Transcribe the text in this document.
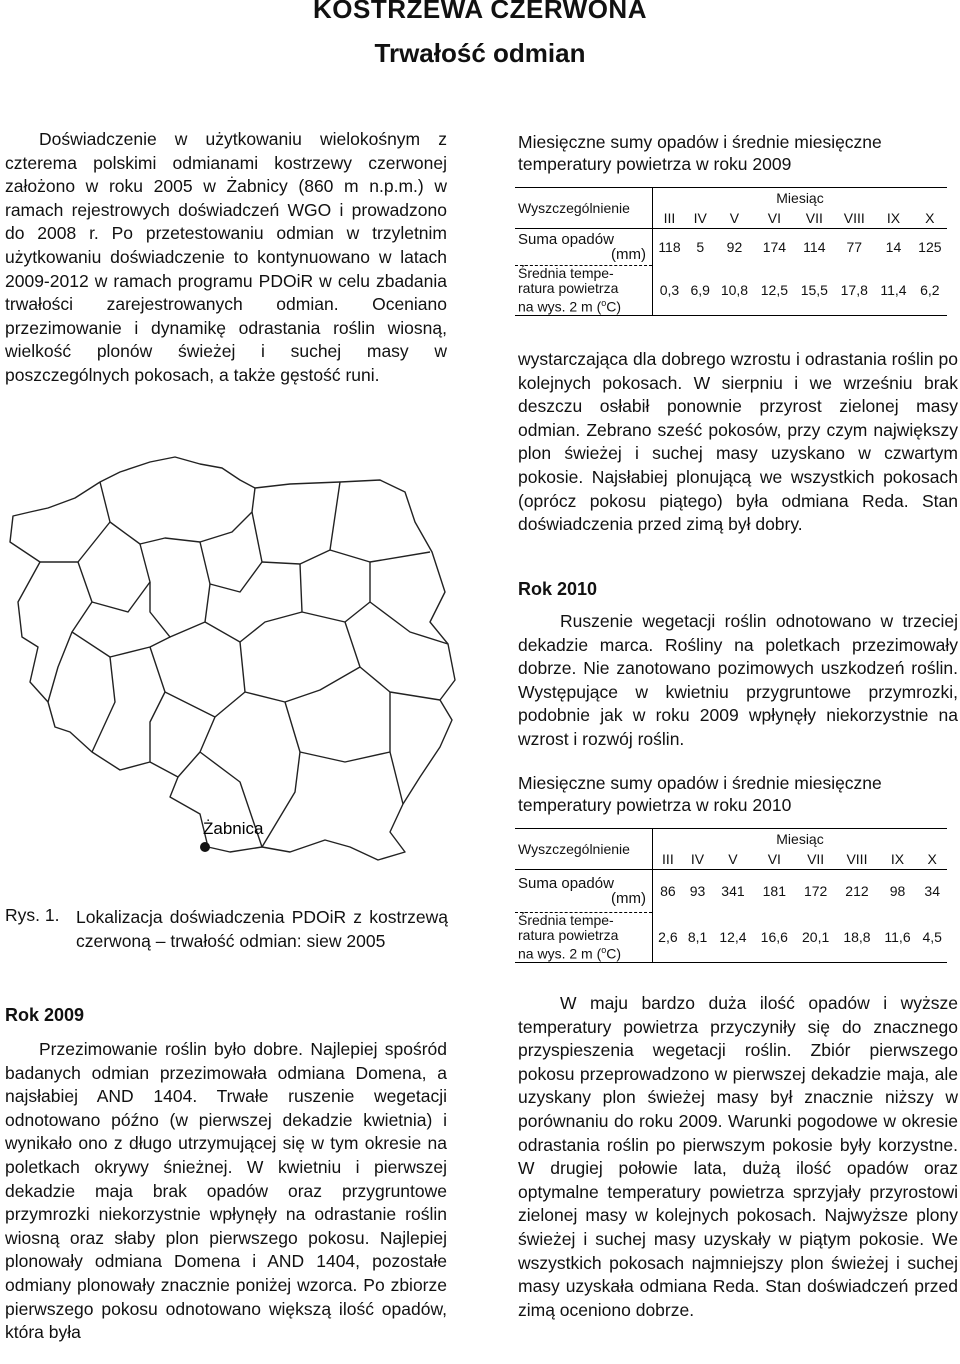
KOSTRZEWA CZERWONA
Trwałość odmian

Doświadczenie w użytkowaniu wielokośnym z czterema polskimi odmianami kostrzewy czerwonej założono w roku 2005 w Żabnicy (860 m n.p.m.) w ramach rejestrowych doświadczeń WGO i prowadzono do 2008 r. Po przetestowaniu odmian w trzyletnim użytkowaniu doświadczenie to kontynuowano w latach 2009-2012 w ramach programu PDOiR w celu zbadania trwałości zarejestrowanych odmian. Oceniano przezimowanie i dynamikę odrastania roślin wiosną, wielkość plonów świeżej i suchej masy w poszczególnych pokosach, a także gęstość runi.

Żabnica
Rys. 1. Lokalizacja doświadczenia PDOiR z kostrzewą czerwoną – trwałość odmian: siew 2005

Rok 2009

Przezimowanie roślin było dobre. Najlepiej spośród badanych odmian przezimowała odmiana Domena, a najsłabiej AND 1404. Trwałe ruszenie wegetacji odnotowano późno (w pierwszej dekadzie kwietnia) i wynikało ono z długo utrzymującej się w tym okresie na poletkach okrywy śnieżnej. W kwietniu i pierwszej dekadzie maja brak opadów oraz przygruntowe przymrozki niekorzystnie wpłynęły na odrastanie roślin wiosną oraz słaby plon pierwszego pokosu. Najlepiej plonowały odmiana Domena i AND 1404, pozostałe odmiany plonowały znacznie poniżej wzorca. Po zbiorze pierwszego pokosu odnotowano większą ilość opadów, która była

Miesięczne sumy opadów i średnie miesięczne temperatury powietrza w roku 2009

Wyszczególnienie	Miesiąc							
	III	IV	V	VI	VII	VIII	IX	X

Suma opadów
(mm)	118	5	92	174	114	77	14	125

Średnia tempe-
ratura powietrza
na wys. 2 m ($^o$C)	0,3	6,9	10,8	12,5	15,5	17,8	11,4	6,2

wystarczająca dla dobrego wzrostu i odrastania roślin po kolejnych pokosach. W sierpniu i we wrześniu brak deszczu osłabił ponownie przyrost zielonej masy odmian. Zebrano sześć pokosów, przy czym największy plon świeżej i suchej masy uzyskano w czwartym pokosie. Najsłabiej plonującą we wszystkich pokosach (oprócz pokosu piątego) była odmiana Reda. Stan doświadczenia przed zimą był dobry.

Rok 2010

Ruszenie wegetacji roślin odnotowano w trzeciej dekadzie marca. Rośliny na poletkach przezimowały dobrze. Nie zanotowano pozimowych uszkodzeń roślin. Występujące w kwietniu przygruntowe przymrozki, podobnie jak w roku 2009 wpłynęły niekorzystnie na wzrost i rozwój roślin.

Miesięczne sumy opadów i średnie miesięczne temperatury powietrza w roku 2010

Wyszczególnienie	Miesiąc							
	III	IV	V	VI	VII	VIII	IX	X

Suma opadów
(mm)	86	93	341	181	172	212	98	34

Średnia tempe-
ratura powietrza
na wys. 2 m ($^o$C)	2,6	8,1	12,4	16,6	20,1	18,8	11,6	4,5

W maju bardzo duża ilość opadów i wyższe temperatury powietrza przyczyniły się do znacznego przyspieszenia wegetacji roślin. Zbiór pierwszego pokosu przeprowadzono w pierwszej dekadzie maja, ale uzyskany plon świeżej masy był znacznie niższy w porównaniu do roku 2009. Warunki pogodowe w okresie odrastania roślin po pierwszym pokosie były korzystne. W drugiej połowie lata, dużą ilość opadów oraz optymalne temperatury powietrza sprzyjały przyrostowi zielonej masy w kolejnych pokosach. Najwyższe plony świeżej i suchej masy uzyskały w piątym pokosie. We wszystkich pokosach najmniejszy plon świeżej i suchej masy uzyskała odmiana Reda. Stan doświadczeń przed zimą oceniono dobrze.
